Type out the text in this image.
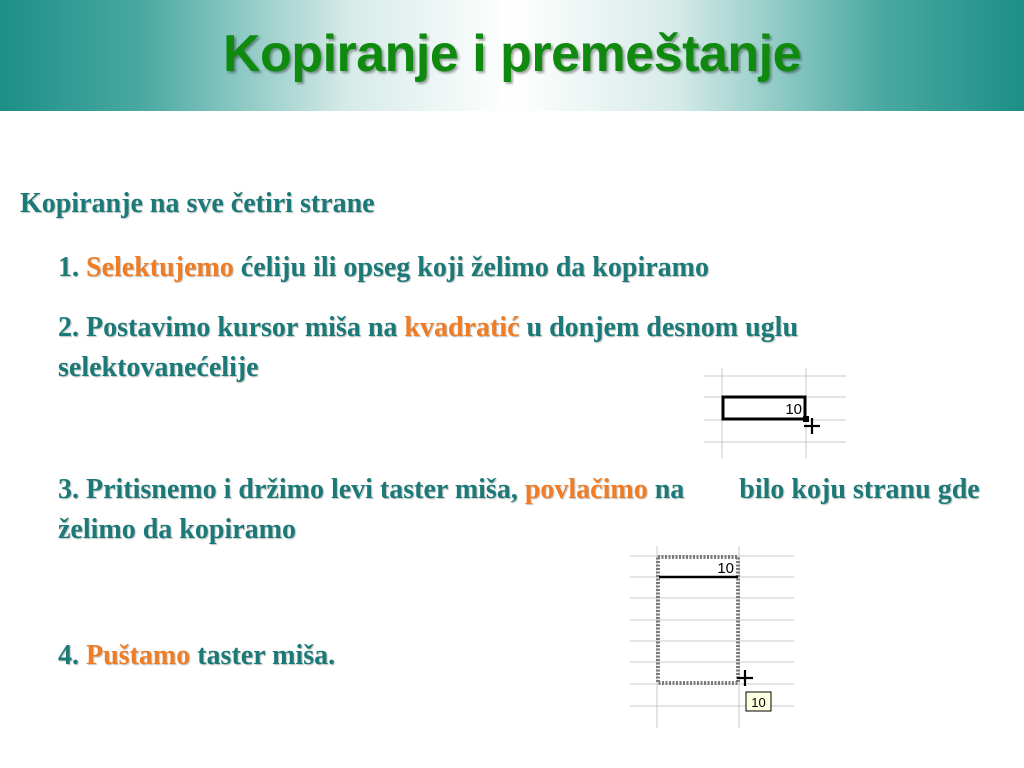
Kopiranje i premeštanje
Kopiranje na sve četiri strane
1. Selektujemo ćeliju ili opseg koji želimo da kopiramo
2. Postavimo kursor miša na kvadratić u donjem desnom uglu selektovanećelije
3. Pritisnemo i držimo levi taster miša, povlačimo na bilo koju stranu gde želimo da kopiramo
4. Puštamo taster miša.
10
10
10
